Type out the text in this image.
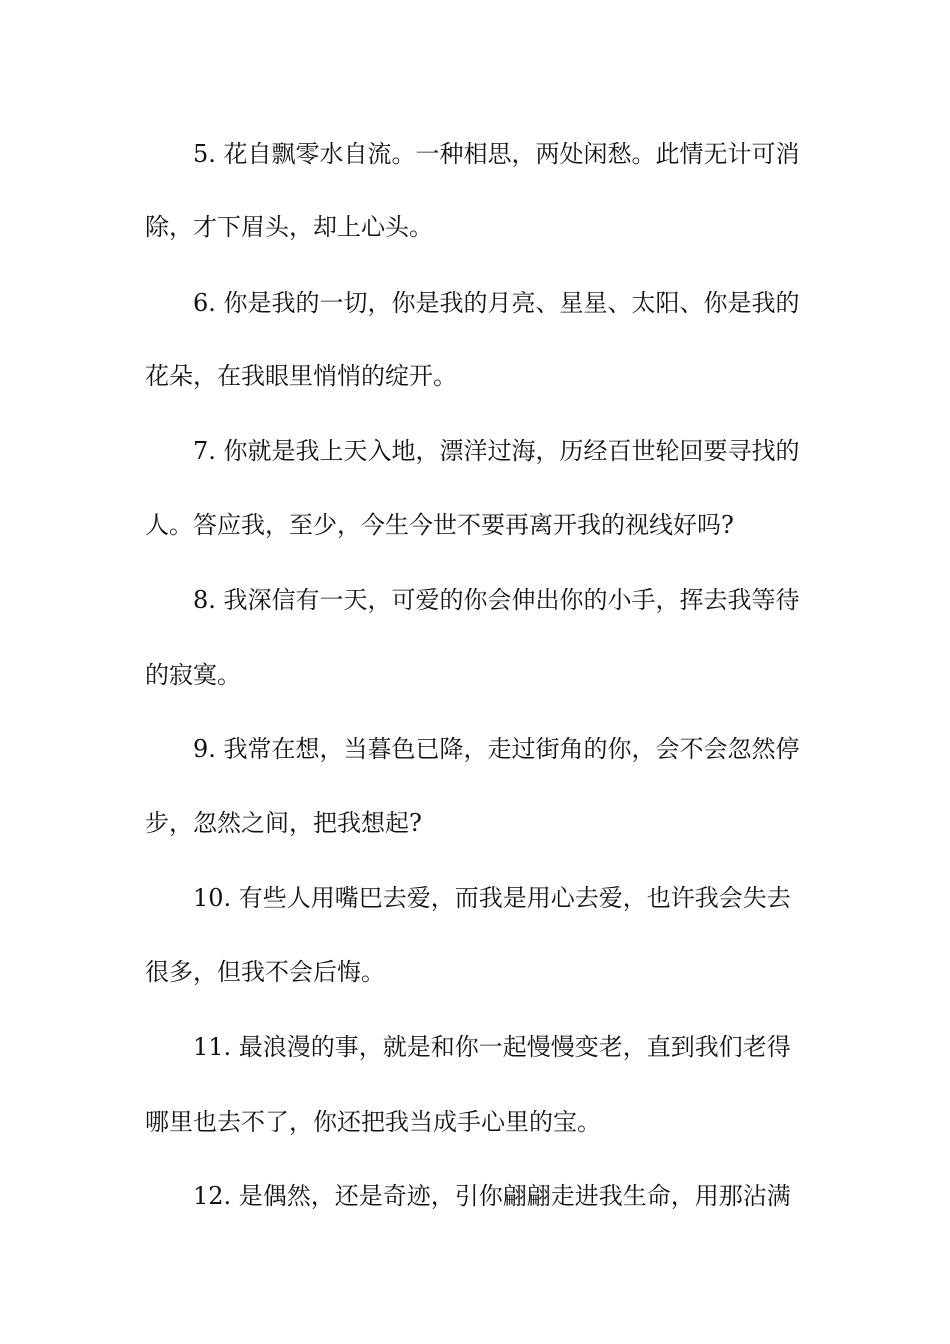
5. 花自飘零水自流。一种相思，两处闲愁。此情无计可消
除，才下眉头，却上心头。
6. 你是我的一切，你是我的月亮、星星、太阳、你是我的
花朵，在我眼里悄悄的绽开。
7. 你就是我上天入地，漂洋过海，历经百世轮回要寻找的
人。答应我，至少，今生今世不要再离开我的视线好吗?
8. 我深信有一天，可爱的你会伸出你的小手，挥去我等待
的寂寞。
9. 我常在想，当暮色已降，走过街角的你，会不会忽然停
步，忽然之间，把我想起?
10. 有些人用嘴巴去爱，而我是用心去爱，也许我会失去
很多，但我不会后悔。
11. 最浪漫的事，就是和你一起慢慢变老，直到我们老得
哪里也去不了，你还把我当成手心里的宝。
12. 是偶然，还是奇迹，引你翩翩走进我生命，用那沾满
